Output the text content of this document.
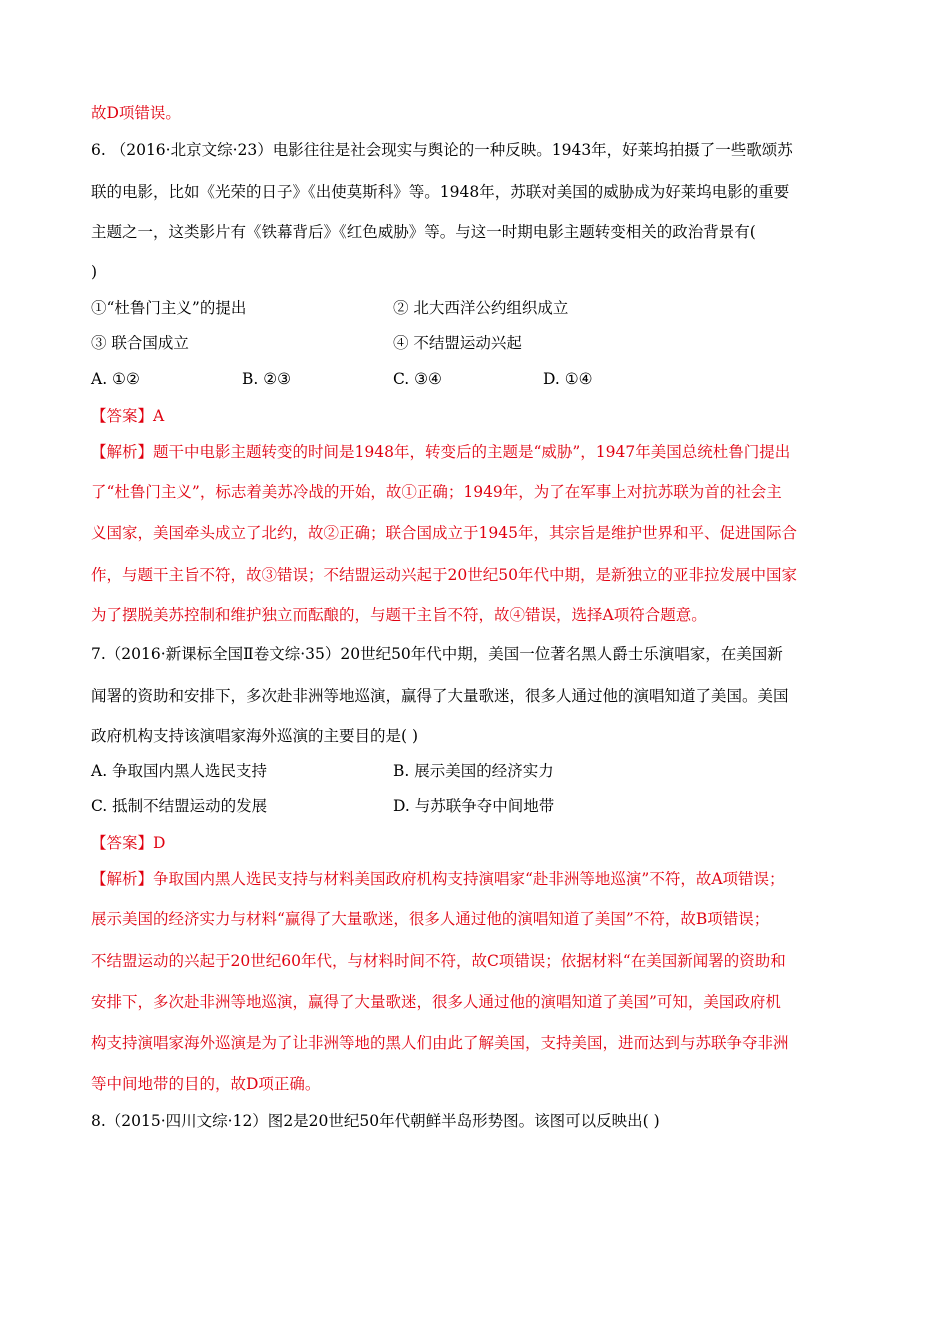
故D项错误。
6. （2016·北京文综·23）电影往往是社会现实与舆论的一种反映。1943年，好莱坞拍摄了一些歌颂苏
联的电影，比如《光荣的日子》《出使莫斯科》等。1948年，苏联对美国的威胁成为好莱坞电影的重要
主题之一，这类影片有《铁幕背后》《红色威胁》等。与这一时期电影主题转变相关的政治背景有(
)
①“杜鲁门主义”的提出	② 北大西洋公约组织成立
③ 联合国成立	④ 不结盟运动兴起
A. ①②	B. ②③	C. ③④	D. ①④
【答案】A
【解析】题干中电影主题转变的时间是1948年，转变后的主题是“威胁”，1947年美国总统杜鲁门提出
了“杜鲁门主义”，标志着美苏冷战的开始，故①正确；1949年，为了在军事上对抗苏联为首的社会主
义国家，美国牵头成立了北约，故②正确；联合国成立于1945年，其宗旨是维护世界和平、促进国际合
作，与题干主旨不符，故③错误；不结盟运动兴起于20世纪50年代中期，是新独立的亚非拉发展中国家
为了摆脱美苏控制和维护独立而酝酿的，与题干主旨不符，故④错误，选择A项符合题意。
7.（2016·新课标全国Ⅱ卷文综·35）20世纪50年代中期，美国一位著名黑人爵士乐演唱家，在美国新
闻署的资助和安排下，多次赴非洲等地巡演，赢得了大量歌迷，很多人通过他的演唱知道了美国。美国
政府机构支持该演唱家海外巡演的主要目的是( )
A. 争取国内黑人选民支持	B. 展示美国的经济实力
C. 抵制不结盟运动的发展	D. 与苏联争夺中间地带
【答案】D
【解析】争取国内黑人选民支持与材料美国政府机构支持演唱家“赴非洲等地巡演”不符，故A项错误；
展示美国的经济实力与材料“赢得了大量歌迷，很多人通过他的演唱知道了美国”不符，故B项错误；
不结盟运动的兴起于20世纪60年代，与材料时间不符，故C项错误；依据材料“在美国新闻署的资助和
安排下，多次赴非洲等地巡演，赢得了大量歌迷，很多人通过他的演唱知道了美国”可知，美国政府机
构支持演唱家海外巡演是为了让非洲等地的黑人们由此了解美国，支持美国，进而达到与苏联争夺非洲
等中间地带的目的，故D项正确。
8.（2015·四川文综·12）图2是20世纪50年代朝鲜半岛形势图。该图可以反映出( )
